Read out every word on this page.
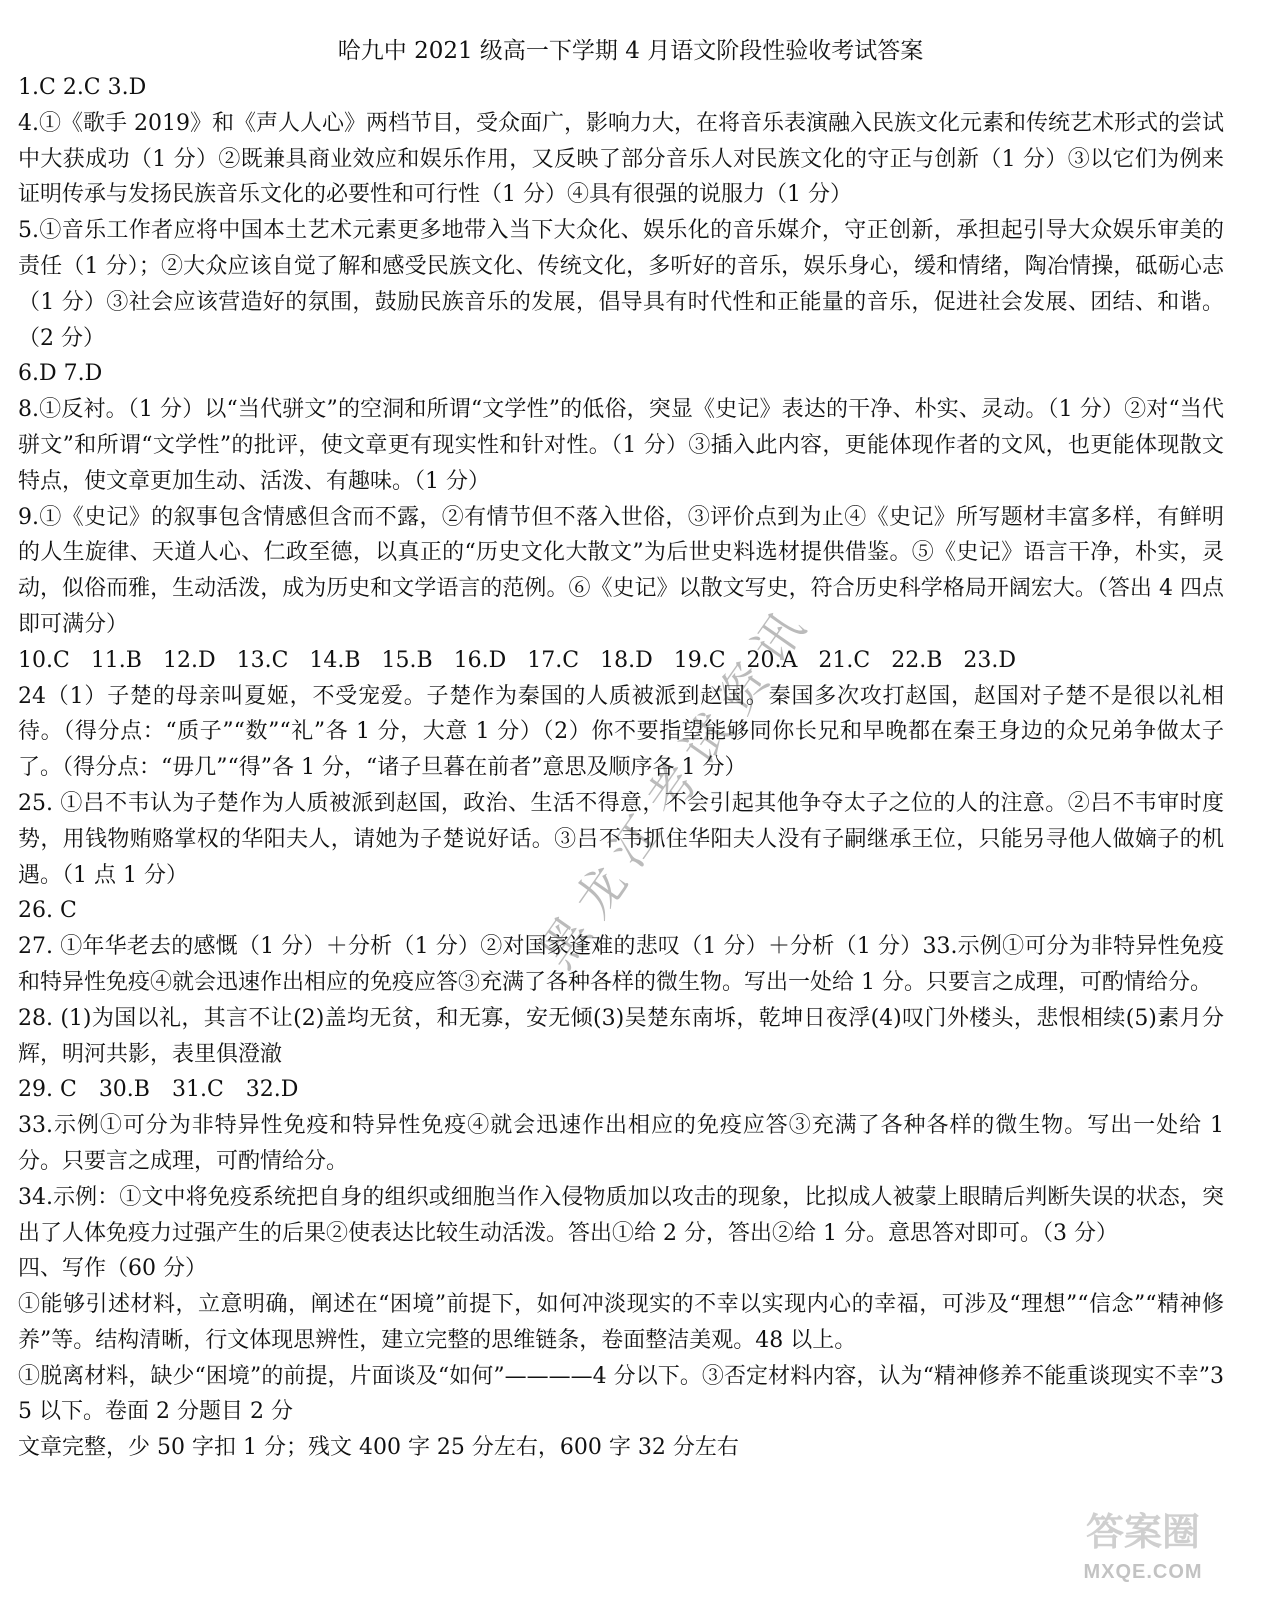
哈九中 2021 级高一下学期 4 月语文阶段性验收考试答案

1.C 2.C 3.D

4.①《歌手 2019》和《声人人心》两档节目，受众面广，影响力大，在将音乐表演融入民族文化元素和传统艺术形式的尝试中大获成功（1 分）②既兼具商业效应和娱乐作用，又反映了部分音乐人对民族文化的守正与创新（1 分）③以它们为例来证明传承与发扬民族音乐文化的必要性和可行性（1 分）④具有很强的说服力（1 分）

5.①音乐工作者应将中国本土艺术元素更多地带入当下大众化、娱乐化的音乐媒介，守正创新，承担起引导大众娱乐审美的责任（1 分）；②大众应该自觉了解和感受民族文化、传统文化，多听好的音乐，娱乐身心，缓和情绪，陶冶情操，砥砺心志（1 分）③社会应该营造好的氛围，鼓励民族音乐的发展，倡导具有时代性和正能量的音乐，促进社会发展、团结、和谐。（2 分）

6.D 7.D

8.①反衬。（1 分）以“当代骈文”的空洞和所谓“文学性”的低俗，突显《史记》表达的干净、朴实、灵动。（1 分）②对“当代骈文”和所谓“文学性”的批评，使文章更有现实性和针对性。（1 分）③插入此内容，更能体现作者的文风，也更能体现散文特点，使文章更加生动、活泼、有趣味。（1 分）

9.①《史记》的叙事包含情感但含而不露，②有情节但不落入世俗，③评价点到为止④《史记》所写题材丰富多样，有鲜明的人生旋律、天道人心、仁政至德，以真正的“历史文化大散文”为后世史料选材提供借鉴。⑤《史记》语言干净，朴实，灵动，似俗而雅，生动活泼，成为历史和文学语言的范例。⑥《史记》以散文写史，符合历史科学格局开阔宏大。（答出 4 四点即可满分）

10.C 11.B 12.D 13.C 14.B 15.B 16.D 17.C 18.D 19.C 20.A 21.C 22.B 23.D

24（1）子楚的母亲叫夏姬，不受宠爱。子楚作为秦国的人质被派到赵国。秦国多次攻打赵国，赵国对子楚不是很以礼相待。（得分点：“质子”“数”“礼”各 1 分，大意 1 分）（2）你不要指望能够同你长兄和早晚都在秦王身边的众兄弟争做太子了。（得分点：“毋几”“得”各 1 分，“诸子旦暮在前者”意思及顺序各 1 分）

25. ①吕不韦认为子楚作为人质被派到赵国，政治、生活不得意，不会引起其他争夺太子之位的人的注意。②吕不韦审时度势，用钱物贿赂掌权的华阳夫人，请她为子楚说好话。③吕不韦抓住华阳夫人没有子嗣继承王位，只能另寻他人做嫡子的机遇。（1 点 1 分）

26. C

27. ①年华老去的感慨（1 分）＋分析（1 分）②对国家逢难的悲叹（1 分）＋分析（1 分）33.示例①可分为非特异性免疫和特异性免疫④就会迅速作出相应的免疫应答③充满了各种各样的微生物。写出一处给 1 分。只要言之成理，可酌情给分。

28. (1)为国以礼，其言不让(2)盖均无贫，和无寡，安无倾(3)吴楚东南坼，乾坤日夜浮(4)叹门外楼头，悲恨相续(5)素月分辉，明河共影，表里俱澄澈

29. C　30.B　31.C　32.D

33.示例①可分为非特异性免疫和特异性免疫④就会迅速作出相应的免疫应答③充满了各种各样的微生物。写出一处给 1 分。只要言之成理，可酌情给分。

34.示例：①文中将免疫系统把自身的组织或细胞当作入侵物质加以攻击的现象，比拟成人被蒙上眼睛后判断失误的状态，突出了人体免疫力过强产生的后果②使表达比较生动活泼。答出①给 2 分，答出②给 1 分。意思答对即可。（3 分）

四、写作（60 分）

①能够引述材料，立意明确，阐述在“困境”前提下，如何冲淡现实的不幸以实现内心的幸福，可涉及“理想”“信念”“精神修养”等。结构清晰，行文体现思辨性，建立完整的思维链条，卷面整洁美观。48 以上。

①脱离材料，缺少“困境”的前提，片面谈及“如何”————4 分以下。③否定材料内容，认为“精神修养不能重谈现实不幸”35 以下。卷面 2 分题目 2 分

文章完整，少 50 字扣 1 分；残文 400 字 25 分左右，600 字 32 分左右

黑龙江考试资讯
答案圈
MXQE.COM
